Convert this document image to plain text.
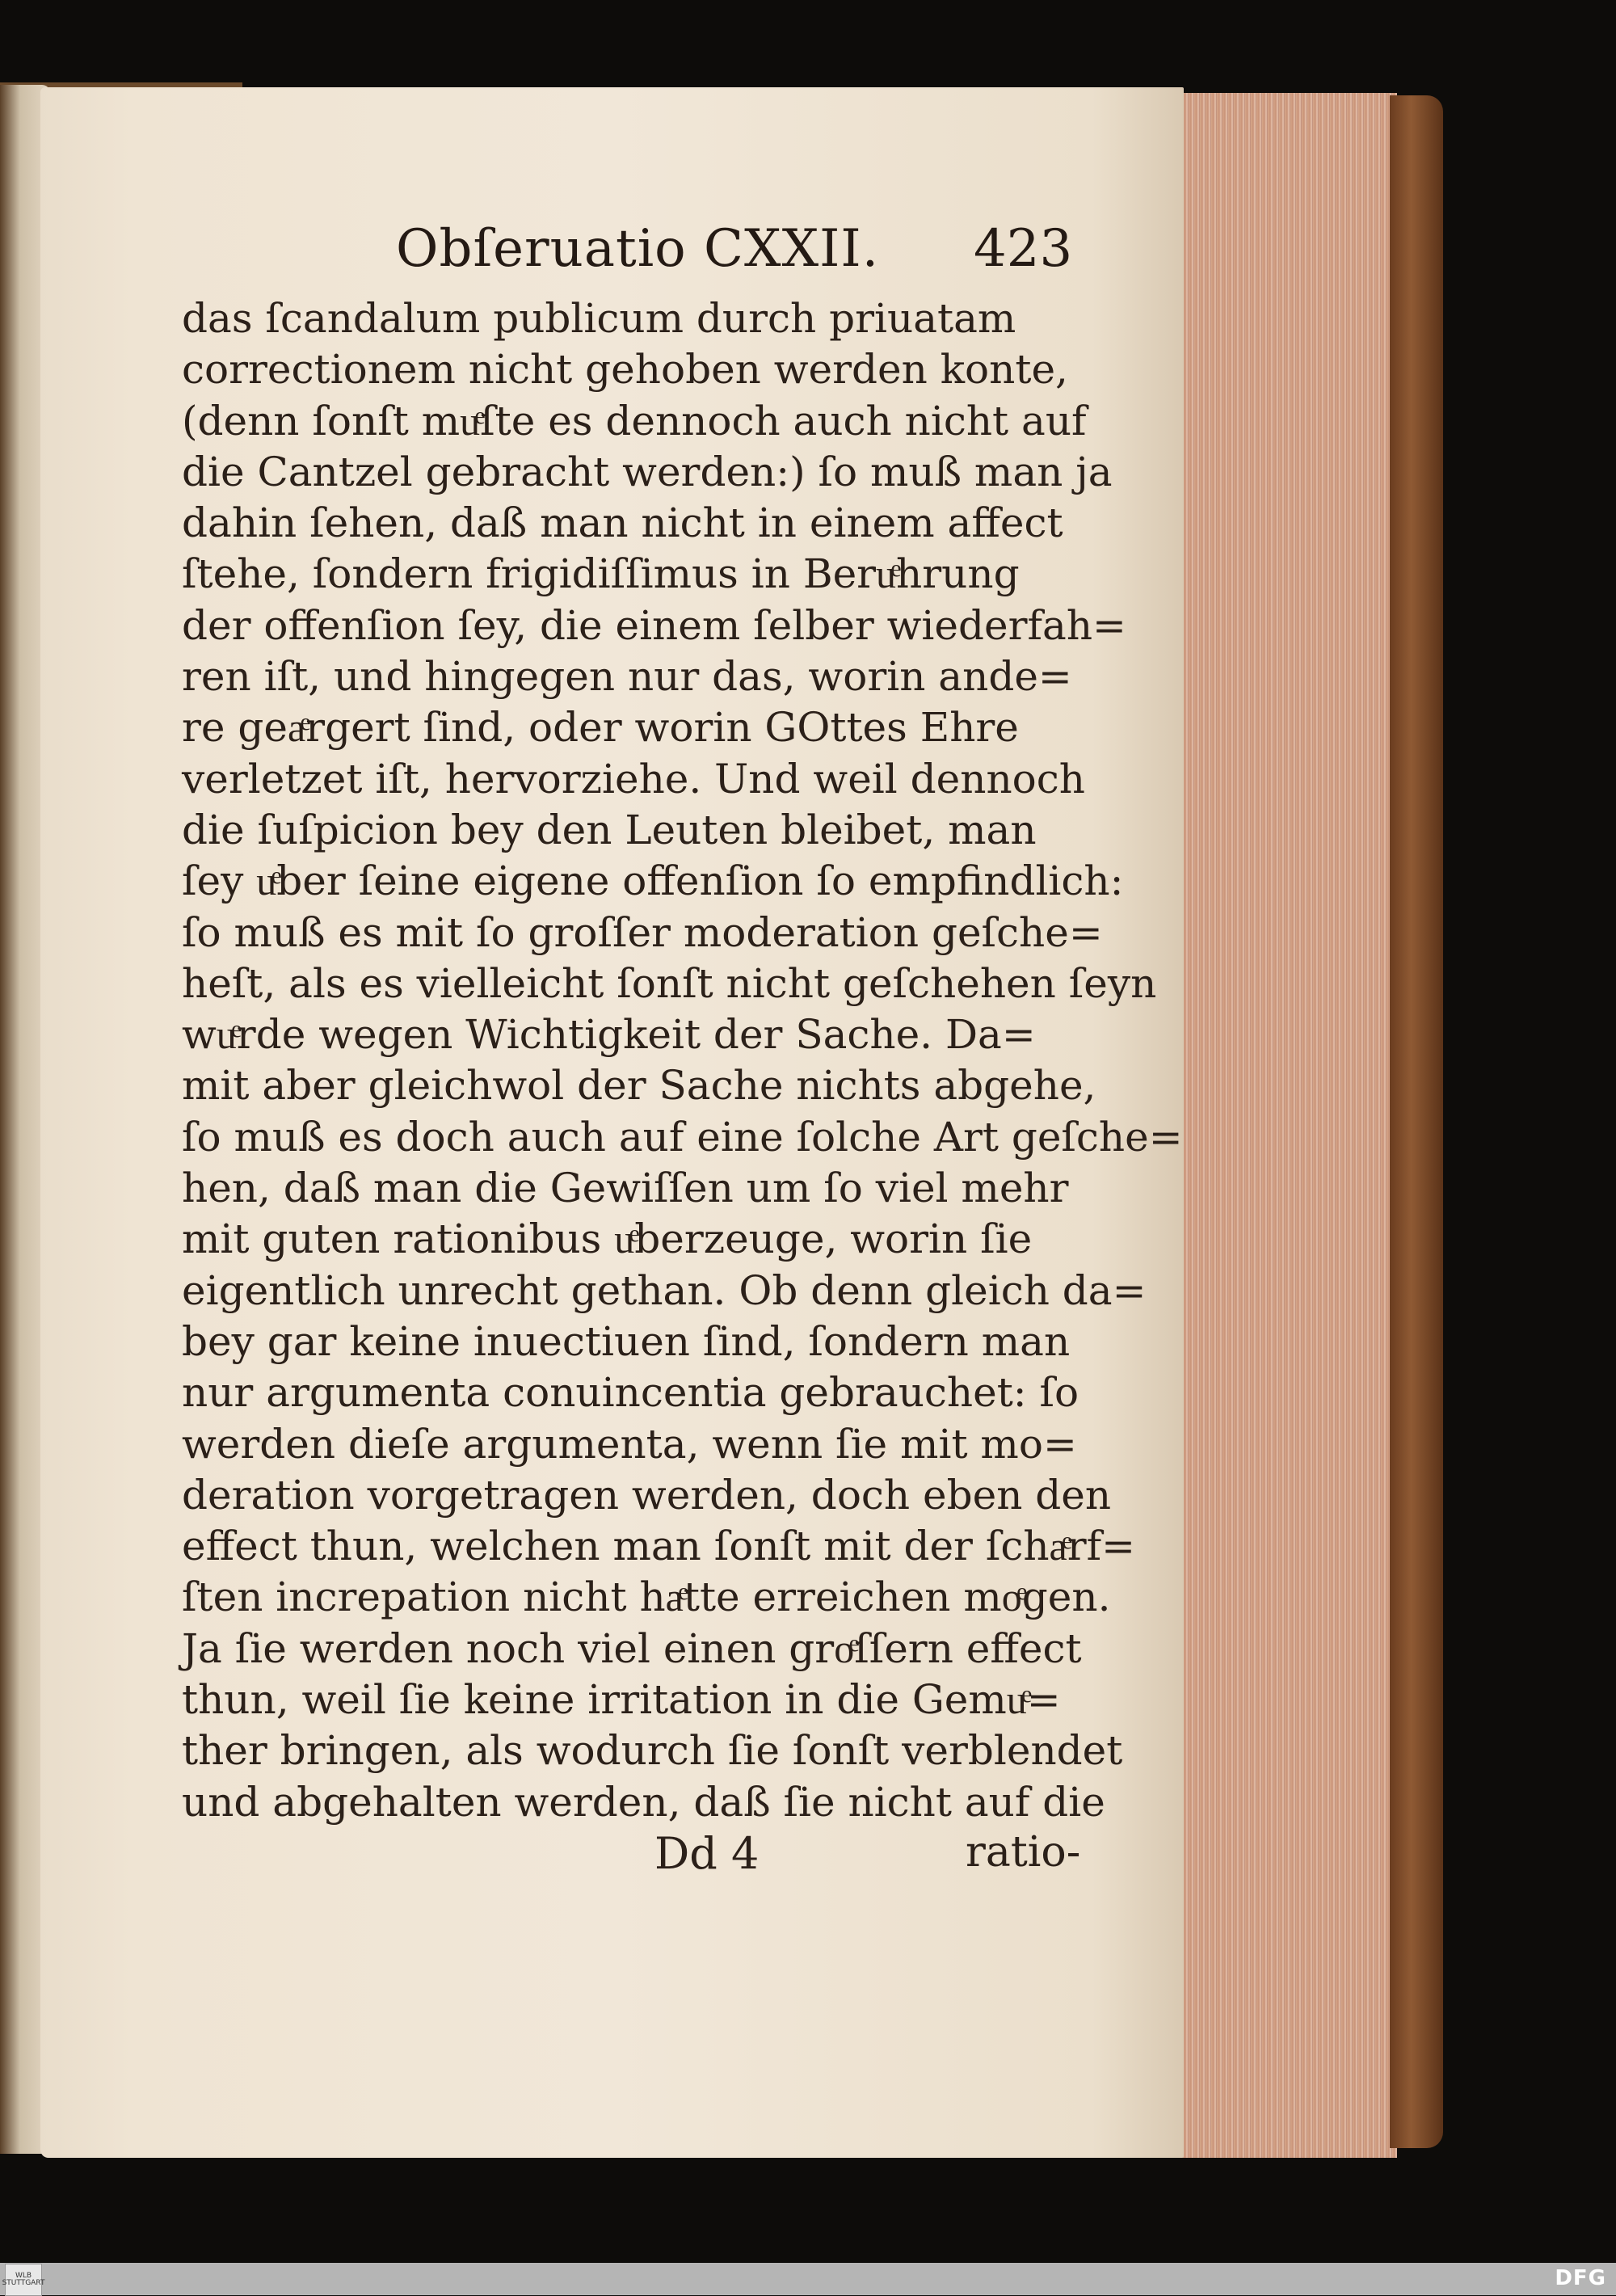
Obſeruatio CXXII. 423
das ſcandalum publicum durch priuatam
correctionem nicht gehoben werden konte,
(denn ſonſt muͤſte es dennoch auch nicht auf
die Cantzel gebracht werden:) ſo muß man ja
dahin ſehen, daß man nicht in einem affect
ſtehe, ſondern frigidiſſimus in Beruͤhrung
der offenſion ſey, die einem ſelber wiederfah=
ren iſt, und hingegen nur das, worin ande=
re geaͤrgert ſind, oder worin GOttes Ehre
verletzet iſt, hervorziehe. Und weil dennoch
die ſuſpicion bey den Leuten bleibet, man
ſey uͤber ſeine eigene offenſion ſo empfindlich:
ſo muß es mit ſo groſſer moderation geſche=
heſt, als es vielleicht ſonſt nicht geſchehen ſeyn
wuͤrde wegen Wichtigkeit der Sache. Da=
mit aber gleichwol der Sache nichts abgehe,
ſo muß es doch auch auf eine ſolche Art geſche=
hen, daß man die Gewiſſen um ſo viel mehr
mit guten rationibus uͤberzeuge, worin ſie
eigentlich unrecht gethan. Ob denn gleich da=
bey gar keine inuectiuen ſind, ſondern man
nur argumenta conuincentia gebrauchet: ſo
werden dieſe argumenta, wenn ſie mit mo=
deration vorgetragen werden, doch eben den
effect thun, welchen man ſonſt mit der ſchaͤrf=
ſten increpation nicht haͤtte erreichen moͤgen.
Ja ſie werden noch viel einen groͤſſern effect
thun, weil ſie keine irritation in die Gemuͤ=
ther bringen, als wodurch ſie ſonſt verblendet
und abgehalten werden, daß ſie nicht auf die
Dd 4	ratio-
WLB STUTTGART	DFG
